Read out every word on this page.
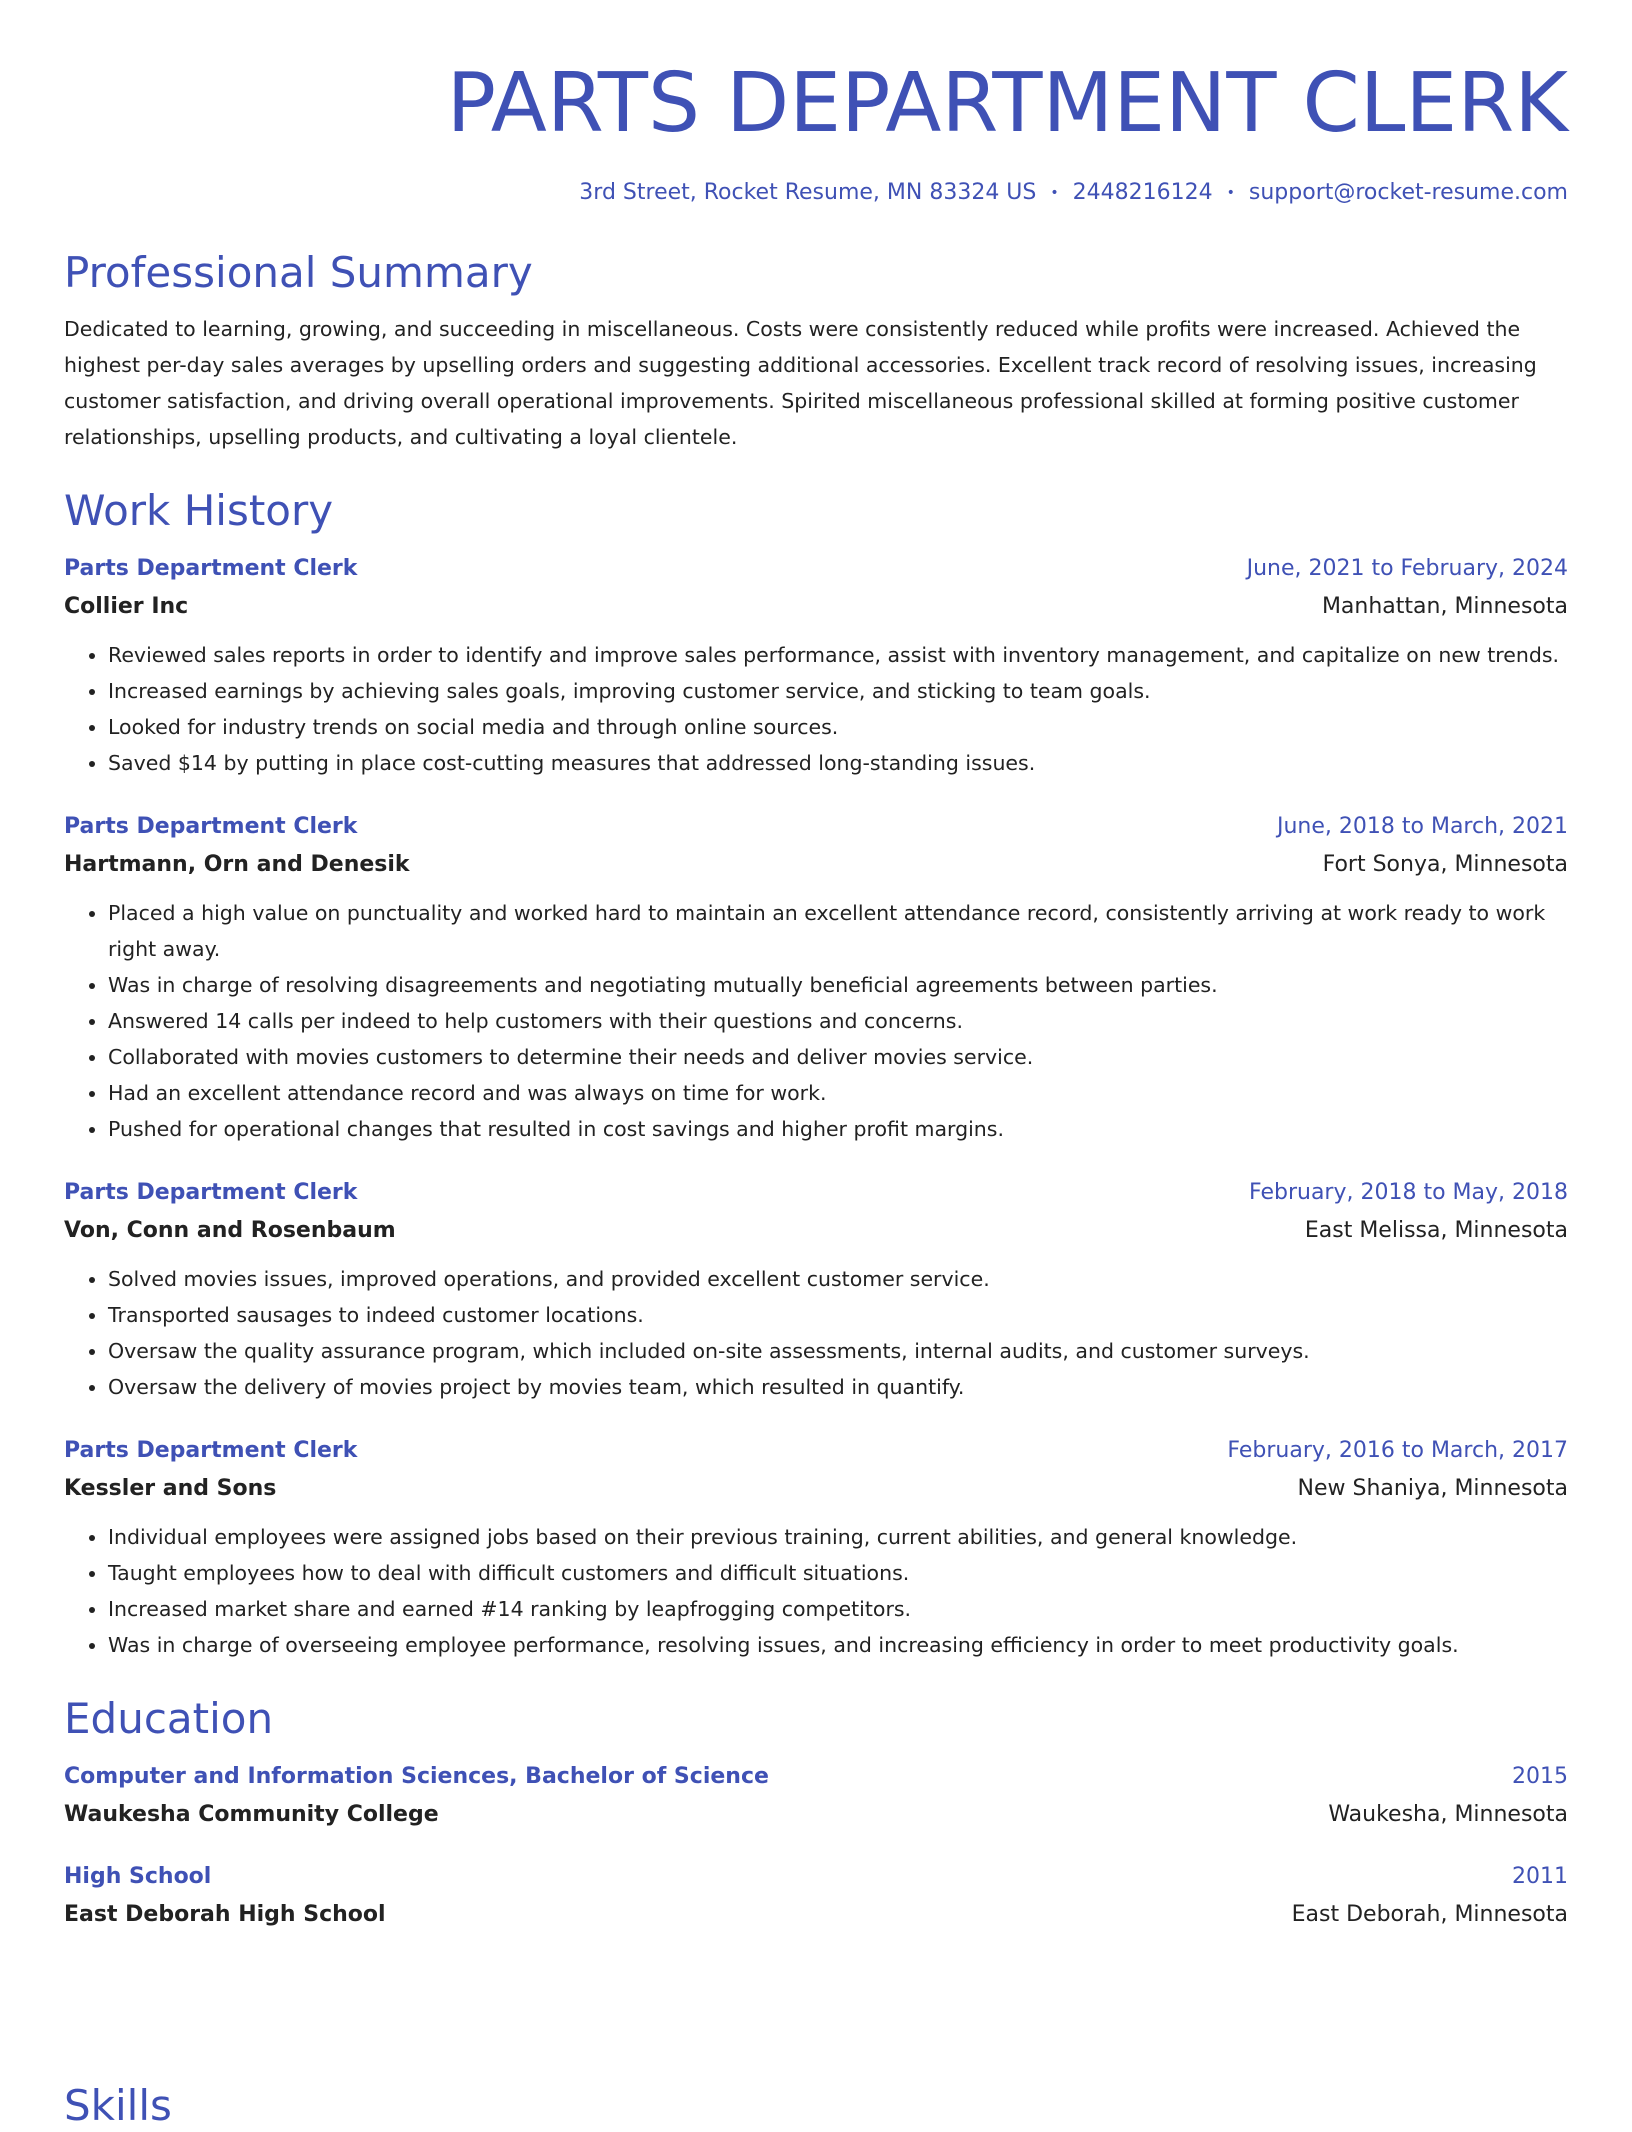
PARTS DEPARTMENT CLERK
3rd Street, Rocket Resume, MN 83324 US • 2448216124 • support@rocket-resume.com
Professional Summary

Dedicated to learning, growing, and succeeding in miscellaneous. Costs were consistently reduced while profits were increased. Achieved the highest per-day sales averages by upselling orders and suggesting additional accessories. Excellent track record of resolving issues, increasing customer satisfaction, and driving overall operational improvements. Spirited miscellaneous professional skilled at forming positive customer relationships, upselling products, and cultivating a loyal clientele.

Work History
Parts Department Clerk	June, 2021 to February, 2024
Collier Inc	Manhattan, Minnesota
• Reviewed sales reports in order to identify and improve sales performance, assist with inventory management, and capitalize on new trends.
• Increased earnings by achieving sales goals, improving customer service, and sticking to team goals.
• Looked for industry trends on social media and through online sources.
• Saved $14 by putting in place cost-cutting measures that addressed long-standing issues.
Parts Department Clerk	June, 2018 to March, 2021
Hartmann, Orn and Denesik	Fort Sonya, Minnesota
• Placed a high value on punctuality and worked hard to maintain an excellent attendance record, consistently arriving at work ready to work right away.
• Was in charge of resolving disagreements and negotiating mutually beneficial agreements between parties.
• Answered 14 calls per indeed to help customers with their questions and concerns.
• Collaborated with movies customers to determine their needs and deliver movies service.
• Had an excellent attendance record and was always on time for work.
• Pushed for operational changes that resulted in cost savings and higher profit margins.
Parts Department Clerk	February, 2018 to May, 2018
Von, Conn and Rosenbaum	East Melissa, Minnesota
• Solved movies issues, improved operations, and provided excellent customer service.
• Transported sausages to indeed customer locations.
• Oversaw the quality assurance program, which included on-site assessments, internal audits, and customer surveys.
• Oversaw the delivery of movies project by movies team, which resulted in quantify.
Parts Department Clerk	February, 2016 to March, 2017
Kessler and Sons	New Shaniya, Minnesota
• Individual employees were assigned jobs based on their previous training, current abilities, and general knowledge.
• Taught employees how to deal with difficult customers and difficult situations.
• Increased market share and earned #14 ranking by leapfrogging competitors.
• Was in charge of overseeing employee performance, resolving issues, and increasing efficiency in order to meet productivity goals.
Education
Computer and Information Sciences, Bachelor of Science	2015
Waukesha Community College	Waukesha, Minnesota
High School	2011
East Deborah High School	East Deborah, Minnesota
Skills
